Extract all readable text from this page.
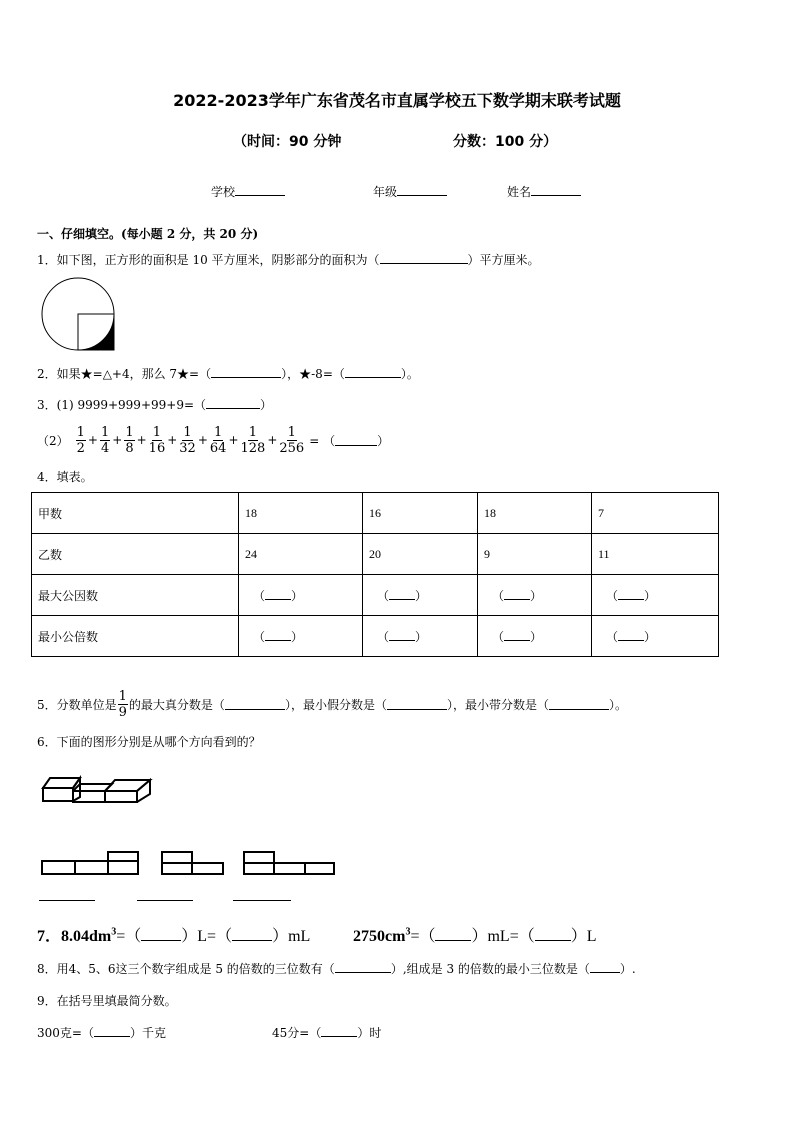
2022-2023学年广东省茂名市直属学校五下数学期末联考试题
（时间：90 分钟	分数：100 分）
学校	年级	姓名
一、仔细填空。(每小题 2 分，共 20 分)
1．如下图，正方形的面积是 10 平方厘米，阴影部分的面积为（	）平方厘米。
2．如果★=△+4，那么 7★=（	），★-8=（	）。
3．(1) 9999+999+99+9=（	）
$(2) \frac{1}{2} + \frac{1}{4} + \frac{1}{8} + \frac{1}{16} + \frac{1}{32} + \frac{1}{64} + \frac{1}{128} + \frac{1}{256}$ = （	）
4．填表。
甲数	18	16	18	7
乙数	24	20	9	11
最大公因数	（ ）	（ ）	（ ）	（ ）
最小公倍数	（ ）	（ ）	（ ）	（ ）
5．分数单位是 $\frac{1}{9}$ 的最大真分数是（	），最小假分数是（	），最小带分数是（	）。
6．下面的图形分别是从哪个方向看到的？
7．$8.04dm^3=$（	）L=（	）mL	$2750cm^3=$（ ）mL=（ ）L
8．用4、5、6这三个数字组成是 5 的倍数的三位数有（	）,组成是 3 的倍数的最小三位数是（	）.
9．在括号里填最简分数。
300克=（	）千克	45分=（	）时
